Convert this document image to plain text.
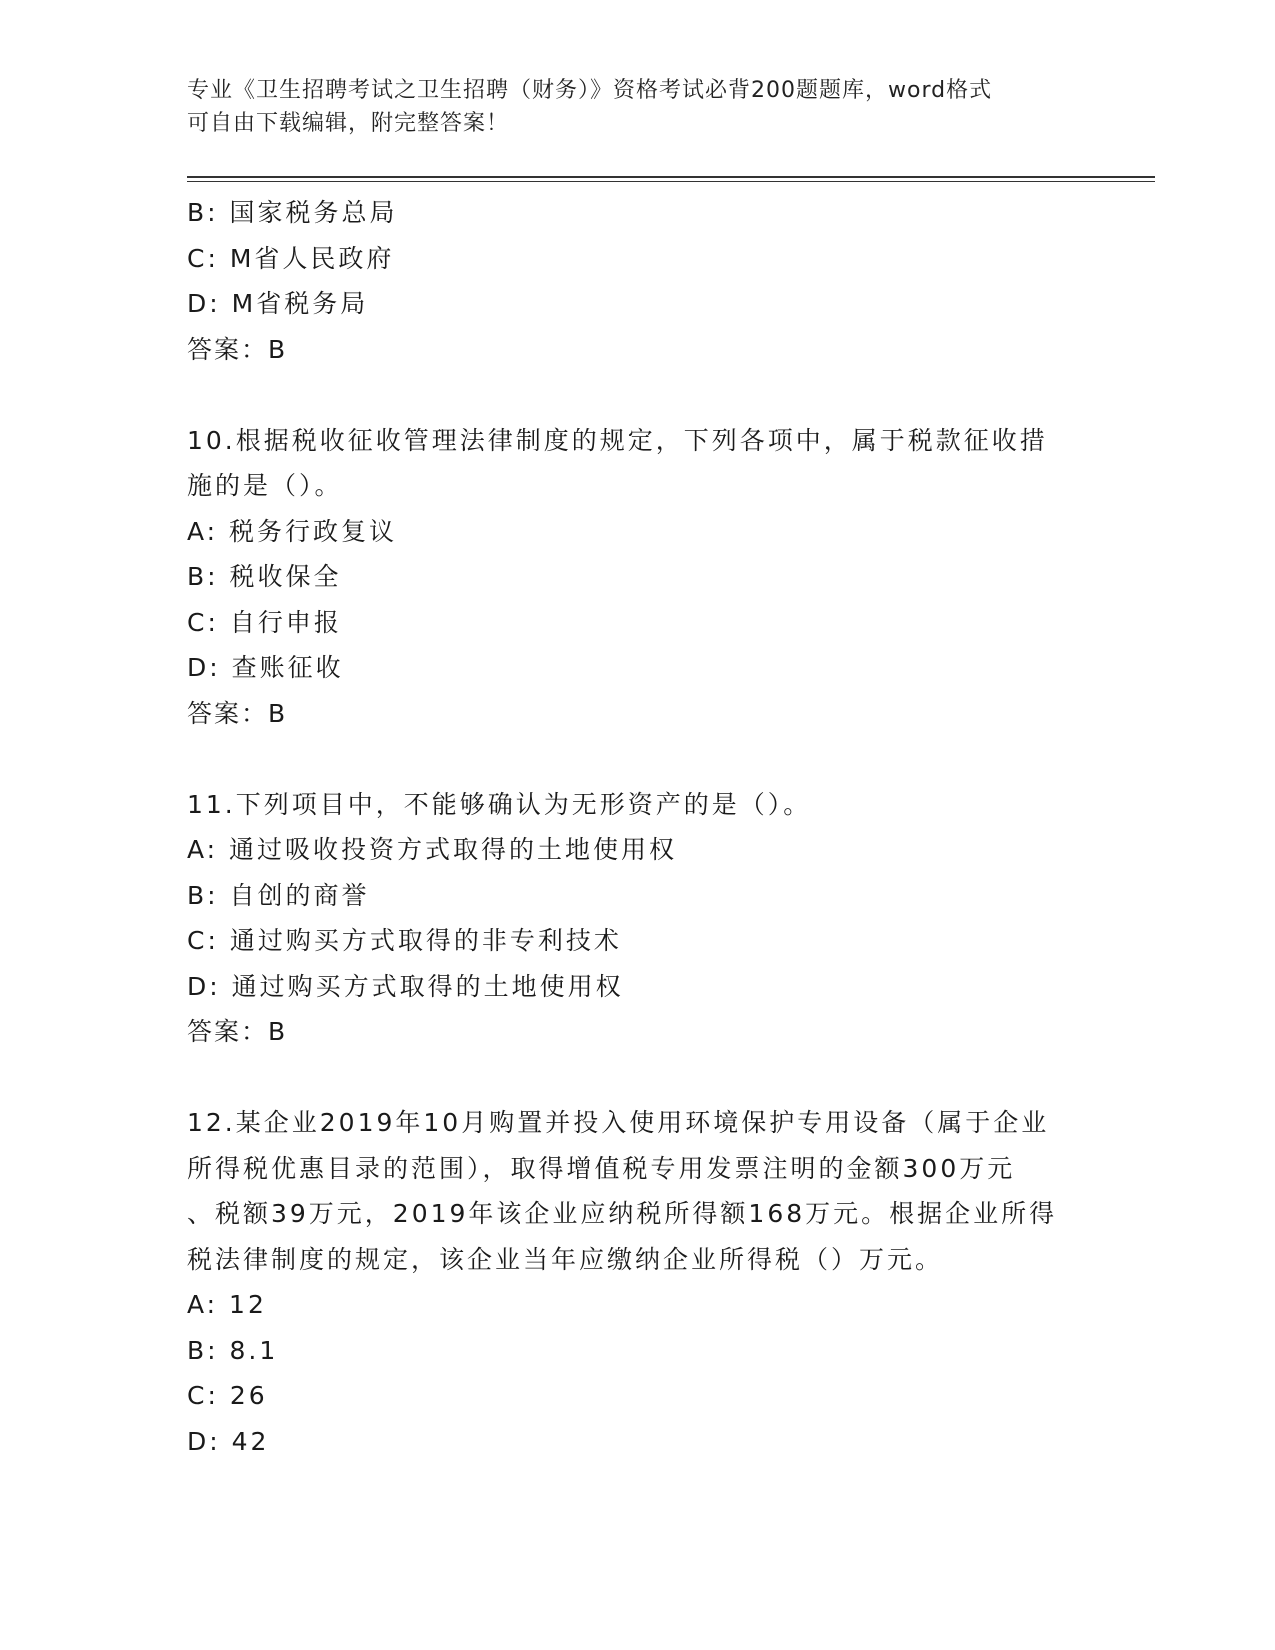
专业《卫生招聘考试之卫生招聘（财务）》资格考试必背200题题库，word格式
可自由下载编辑，附完整答案！
B: 国家税务总局
C: M省人民政府
D: M省税务局
答案：B
10.根据税收征收管理法律制度的规定，下列各项中，属于税款征收措
施的是（）。
A: 税务行政复议
B: 税收保全
C: 自行申报
D: 查账征收
答案：B
11.下列项目中，不能够确认为无形资产的是（）。
A: 通过吸收投资方式取得的土地使用权
B: 自创的商誉
C: 通过购买方式取得的非专利技术
D: 通过购买方式取得的土地使用权
答案：B
12.某企业2019年10月购置并投入使用环境保护专用设备（属于企业
所得税优惠目录的范围），取得增值税专用发票注明的金额300万元
、税额39万元，2019年该企业应纳税所得额168万元。根据企业所得
税法律制度的规定，该企业当年应缴纳企业所得税（）万元。
A: 12
B: 8.1
C: 26
D: 42
